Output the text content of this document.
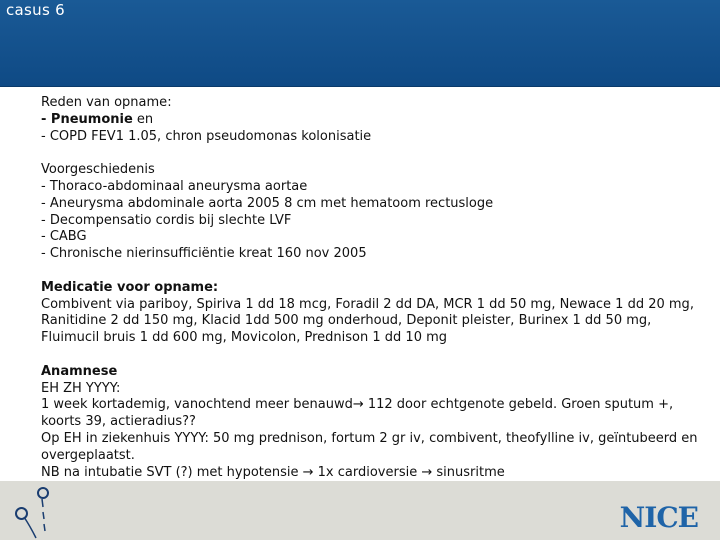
casus 6
Reden van opname:
- Pneumonie en
- COPD FEV1 1.05, chron pseudomonas kolonisatie
Voorgeschiedenis
- Thoraco-abdominaal aneurysma aortae
- Aneurysma abdominale aorta 2005 8 cm met hematoom rectusloge
- Decompensatio cordis bij slechte LVF
- CABG
- Chronische nierinsufficiëntie kreat 160 nov 2005
Medicatie voor opname:
Combivent via pariboy, Spiriva 1 dd 18 mcg, Foradil 2 dd DA, MCR 1 dd 50 mg, Newace 1 dd 20 mg, Ranitidine 2 dd 150 mg, Klacid 1dd 500 mg onderhoud, Deponit pleister, Burinex 1 dd 50 mg, Fluimucil bruis 1 dd 600 mg, Movicolon, Prednison 1 dd 10 mg
Anamnese
EH ZH YYYY:
1 week kortademig, vanochtend meer benauwd→ 112 door echtgenote gebeld. Groen sputum +, koorts 39, actieradius??
Op EH in ziekenhuis YYYY: 50 mg prednison, fortum 2 gr iv, combivent, theofylline iv, geïntubeerd en overgeplaatst.
NB na intubatie SVT (?) met hypotensie → 1x cardioversie → sinusritme
NICE
